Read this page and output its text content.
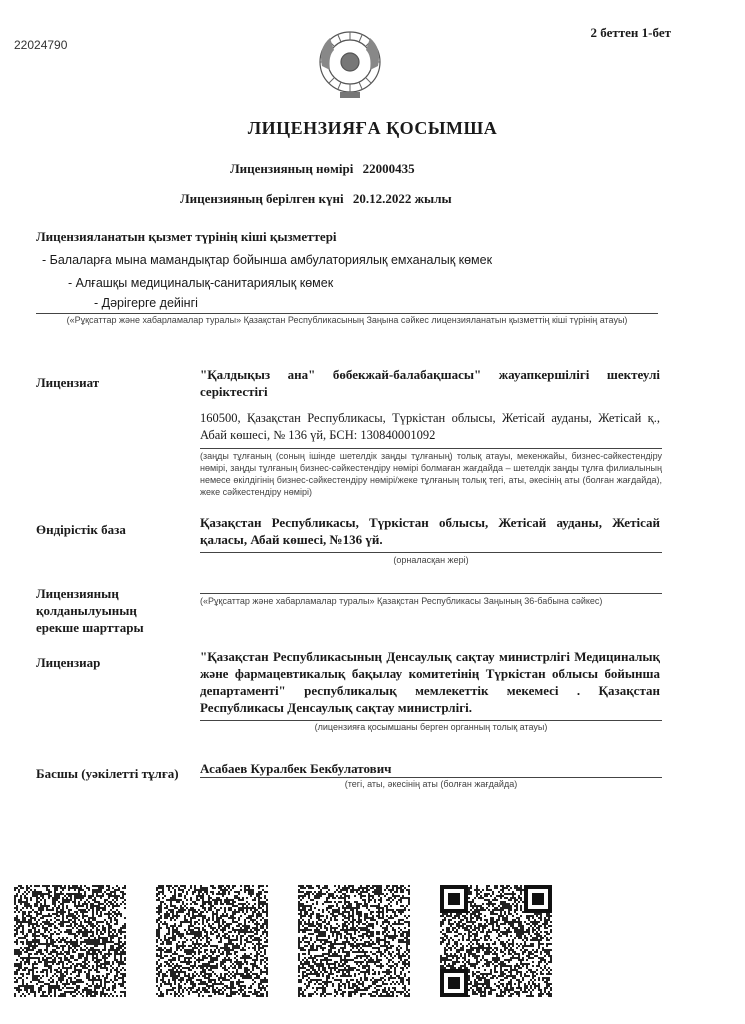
22024790
2 беттен 1-бет
ЛИЦЕНЗИЯҒА ҚОСЫМША
Лицензияның нөмірі 22000435
Лицензияның берілген күні 20.12.2022 жылы
Лицензияланатын қызмет түрінің кіші қызметтері
- Балаларға мына мамандықтар бойынша амбулаториялық емханалық көмек
- Алғашқы медициналық-санитариялық көмек
- Дәрігерге дейінгі
(«Рұқсаттар және хабарламалар туралы» Қазақстан Республикасының Заңына сәйкес лицензияланатын қызметтің кіші түрінің атауы)
Лицензиат
"Қалдықыз ана" бөбекжай-балабақшасы" жауапкершілігі шектеулі серіктестігі
160500, Қазақстан Республикасы, Түркістан облысы, Жетісай ауданы, Жетісай қ., Абай көшесі, № 136 үй, БСН: 130840001092
(заңды тұлғаның (соның ішінде шетелдік заңды тұлғаның) толық атауы, мекенжайы, бизнес-сәйкестендіру нөмірі, заңды тұлғаның бизнес-сәйкестендіру нөмірі болмаған жағдайда – шетелдік заңды тұлға филиалының немесе өкілдігінің бизнес-сәйкестендіру нөмірі/жеке тұлғаның толық тегі, аты, әкесінің аты (болған жағдайда), жеке сәйкестендіру нөмірі)
Өндірістік база	Қазақстан Республикасы, Түркістан облысы, Жетісай ауданы, Жетісай қаласы, Абай көшесі, №136 үй.
(орналасқан жері)
Лицензияның
қолданылуының
ерекше шарттары
(«Рұқсаттар және хабарламалар туралы» Қазақстан Республикасы Заңының 36-бабына сәйкес)
Лицензиар	"Қазақстан Республикасының Денсаулық сақтау министрлігі Медициналық және фармацевтикалық бақылау комитетінің Түркістан облысы бойынша департаменті" республикалық мемлекеттік мекемесі . Қазақстан Республикасы Денсаулық сақтау министрлігі.
(лицензияға қосымшаны берген органның толық атауы)
Басшы (уәкілетті тұлға) Асабаев Куралбек Бекбулатович
(тегі, аты, әкесінің аты (болған жағдайда)
